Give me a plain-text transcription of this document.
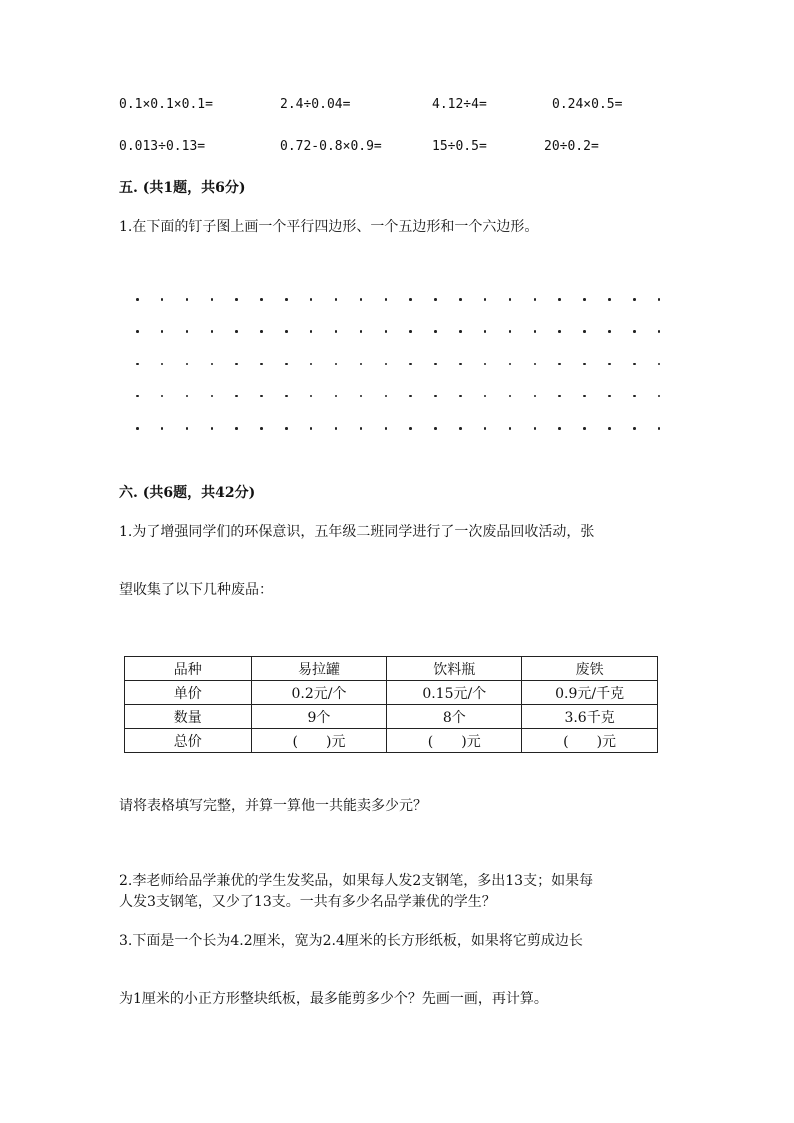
0.1×0.1×0.1=	2.4÷0.04=	4.12÷4=	0.24×0.5=
0.013÷0.13=	0.72-0.8×0.9=	15÷0.5=	20÷0.2=
五. (共1题，共6分)
1.在下面的钉子图上画一个平行四边形、一个五边形和一个六边形。
六. (共6题，共42分)
1.为了增强同学们的环保意识，五年级二班同学进行了一次废品回收活动，张
望收集了以下几种废品：
品种	易拉罐	饮料瓶	废铁
单价	0.2元/个	0.15元/个	0.9元/千克
数量	9个	8个	3.6千克
总价	(　　)元	(　　)元	(　　)元
请将表格填写完整，并算一算他一共能卖多少元？
2.李老师给品学兼优的学生发奖品，如果每人发2支钢笔，多出13支；如果每
人发3支钢笔，又少了13支。一共有多少名品学兼优的学生？
3.下面是一个长为4.2厘米，宽为2.4厘米的长方形纸板，如果将它剪成边长
为1厘米的小正方形整块纸板，最多能剪多少个？先画一画，再计算。
